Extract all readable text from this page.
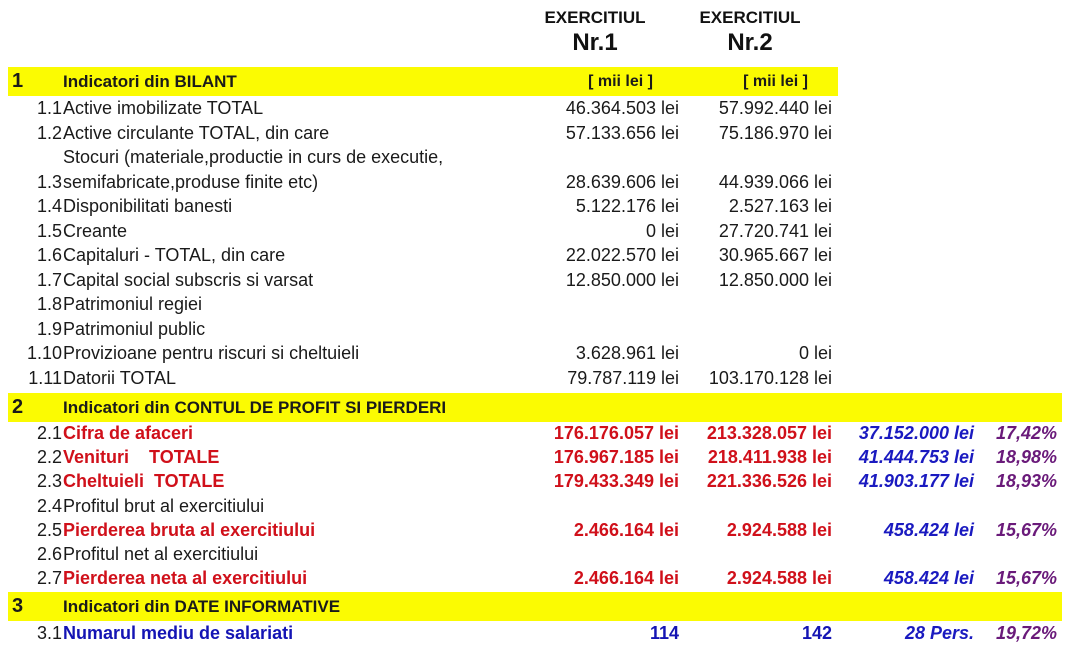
EXERCITIUL
Nr.1
EXERCITIUL
Nr.2
1 Indicatori din BILANT	[ mii lei ]	[ mii lei ]
1.1 Active imobilizate TOTAL	46.364.503 lei 57.992.440 lei
1.2 Active circulante TOTAL, din care	57.133.656 lei 75.186.970 lei
Stocuri (materiale,productie in curs de executie,
1.3 semifabricate,produse finite etc)	28.639.606 lei 44.939.066 lei
1.4 Disponibilitati banesti	5.122.176 lei	2.527.163 lei
1.5 Creante	0 lei 27.720.741 lei
1.6 Capitaluri - TOTAL, din care	22.022.570 lei 30.965.667 lei
1.7 Capital social subscris si varsat	12.850.000 lei 12.850.000 lei
1.8 Patrimoniul regiei
1.9 Patrimoniul public
1.10 Provizioane pentru riscuri si cheltuieli	3.628.961 lei	0 lei
1.11 Datorii TOTAL	79.787.119 lei 103.170.128 lei
2 Indicatori din CONTUL DE PROFIT SI PIERDERI
2.1 Cifra de afaceri	176.176.057 lei 213.328.057 lei 37.152.000 lei 17,42%
2.2 Venituri    TOTALE	176.967.185 lei 218.411.938 lei 41.444.753 lei 18,98%
2.3 Cheltuieli  TOTALE	179.433.349 lei 221.336.526 lei 41.903.177 lei 18,93%
2.4 Profitul brut al exercitiului
2.5 Pierderea bruta al exercitiului	2.466.164 lei	2.924.588 lei	458.424 lei 15,67%
2.6 Profitul net al exercitiului
2.7 Pierderea neta al exercitiului	2.466.164 lei	2.924.588 lei	458.424 lei 15,67%
3 Indicatori din DATE INFORMATIVE
3.1 Numarul mediu de salariati	114	142	28 Pers. 19,72%
